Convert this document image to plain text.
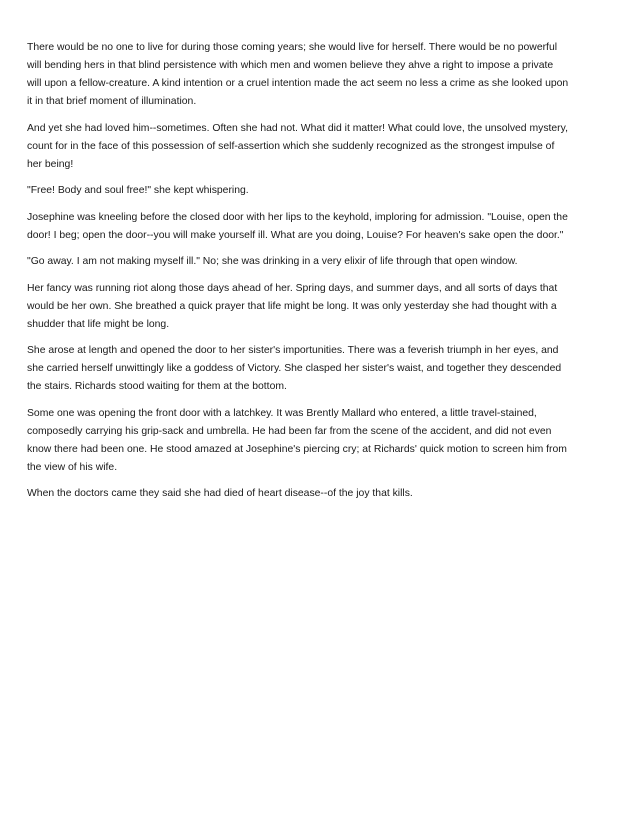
There would be no one to live for during those coming years; she would live for herself. There would be no powerful will bending hers in that blind persistence with which men and women believe they ahve a right to impose a private will upon a fellow-creature. A kind intention or a cruel intention made the act seem no less a crime as she looked upon it in that brief moment of illumination.

And yet she had loved him--sometimes. Often she had not. What did it matter! What could love, the unsolved mystery, count for in the face of this possession of self-assertion which she suddenly recognized as the strongest impulse of her being!

"Free! Body and soul free!" she kept whispering.

Josephine was kneeling before the closed door with her lips to the keyhold, imploring for admission. "Louise, open the door! I beg; open the door--you will make yourself ill. What are you doing, Louise? For heaven's sake open the door."

"Go away. I am not making myself ill." No; she was drinking in a very elixir of life through that open window.

Her fancy was running riot along those days ahead of her. Spring days, and summer days, and all sorts of days that would be her own. She breathed a quick prayer that life might be long. It was only yesterday she had thought with a shudder that life might be long.

She arose at length and opened the door to her sister's importunities. There was a feverish triumph in her eyes, and she carried herself unwittingly like a goddess of Victory. She clasped her sister's waist, and together they descended the stairs. Richards stood waiting for them at the bottom.

Some one was opening the front door with a latchkey. It was Brently Mallard who entered, a little travel-stained, composedly carrying his grip-sack and umbrella. He had been far from the scene of the accident, and did not even know there had been one. He stood amazed at Josephine's piercing cry; at Richards' quick motion to screen him from the view of his wife.

When the doctors came they said she had died of heart disease--of the joy that kills.
